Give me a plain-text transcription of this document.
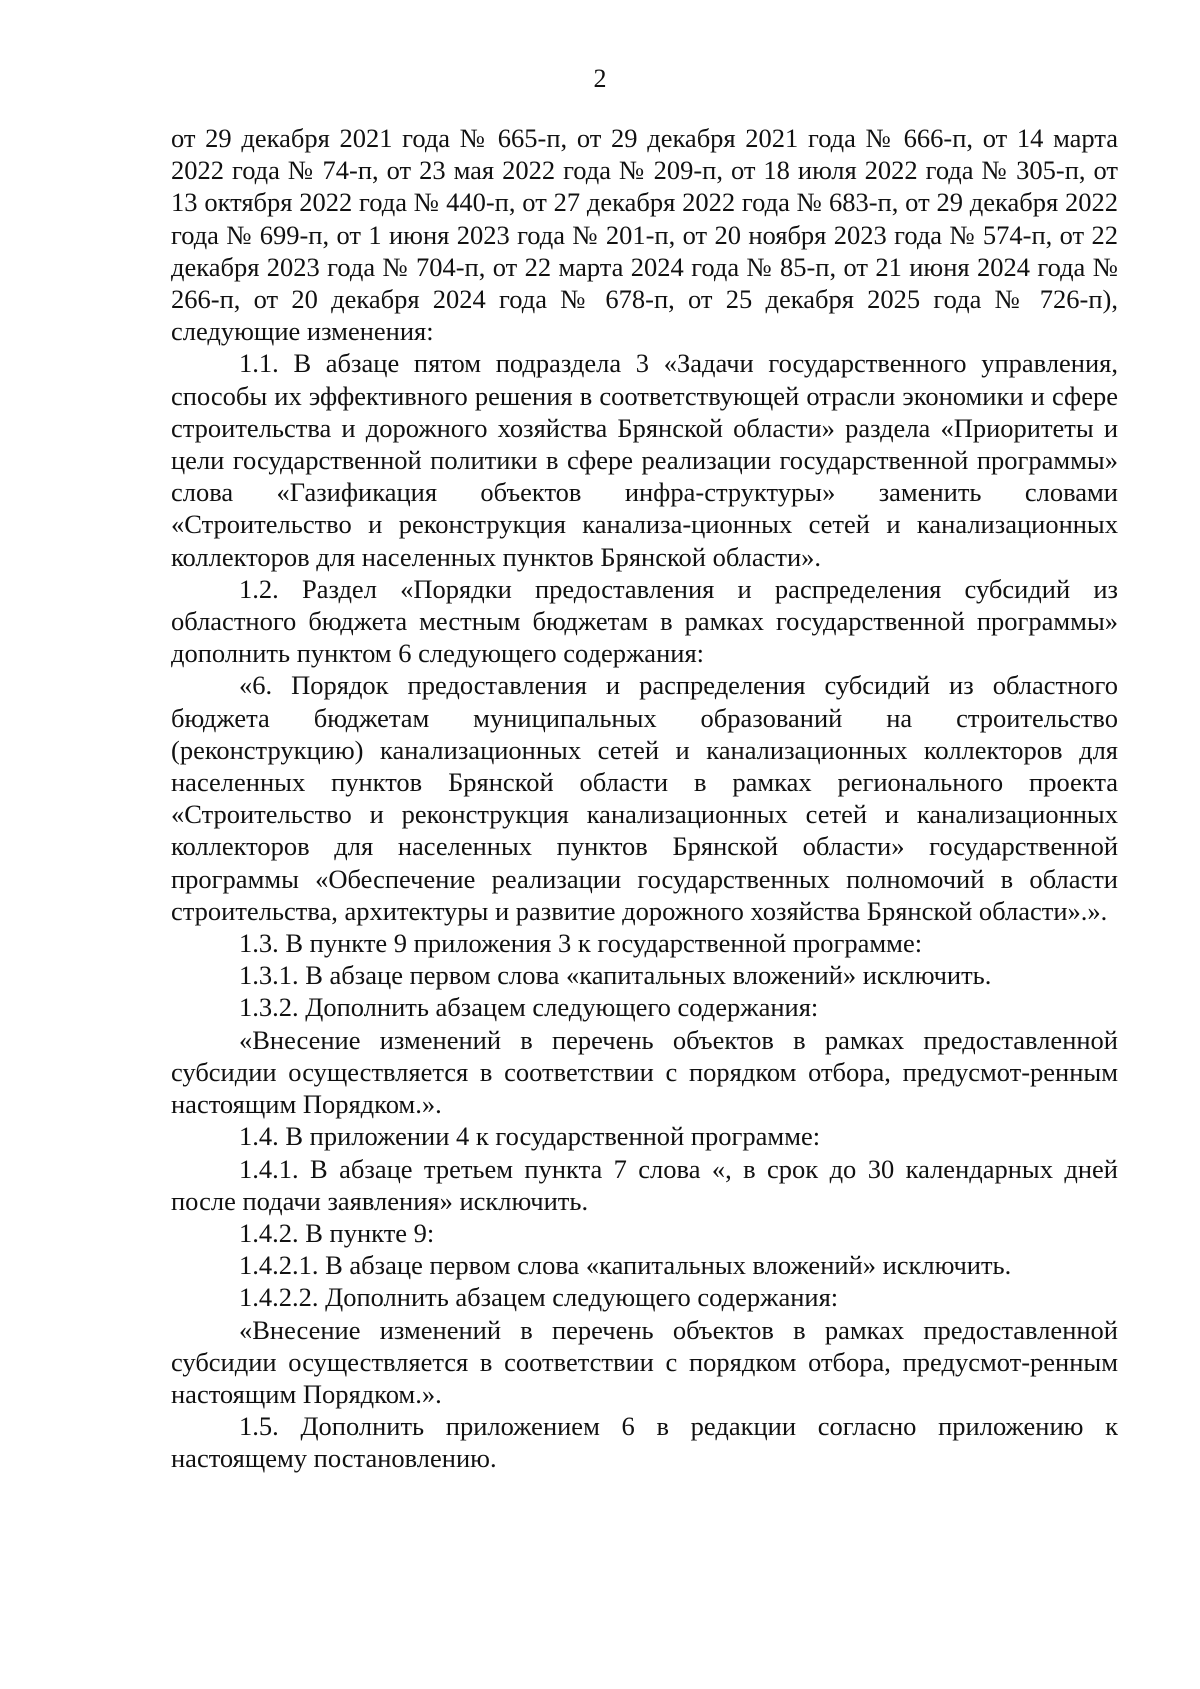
2

от 29 декабря 2021 года № 665-п, от 29 декабря 2021 года № 666-п, от 14 марта 2022 года № 74-п, от 23 мая 2022 года № 209-п, от 18 июля 2022 года № 305-п, от 13 октября 2022 года № 440-п, от 27 декабря 2022 года № 683-п, от 29 декабря 2022 года № 699-п, от 1 июня 2023 года № 201-п, от 20 ноября 2023 года № 574-п, от 22 декабря 2023 года № 704-п, от 22 марта 2024 года № 85-п, от 21 июня 2024 года № 266-п, от 20 декабря 2024 года № 678-п, от 25 декабря 2025 года № 726-п), следующие изменения:

1.1. В абзаце пятом подраздела 3 «Задачи государственного управления, способы их эффективного решения в соответствующей отрасли экономики и сфере строительства и дорожного хозяйства Брянской области» раздела «Приоритеты и цели государственной политики в сфере реализации государственной программы» слова «Газификация объектов инфра-структуры» заменить словами «Строительство и реконструкция канализа-ционных сетей и канализационных коллекторов для населенных пунктов Брянской области».

1.2. Раздел «Порядки предоставления и распределения субсидий из областного бюджета местным бюджетам в рамках государственной программы» дополнить пунктом 6 следующего содержания:

«6. Порядок предоставления и распределения субсидий из областного бюджета бюджетам муниципальных образований на строительство (реконструкцию) канализационных сетей и канализационных коллекторов для населенных пунктов Брянской области в рамках регионального проекта «Строительство и реконструкция канализационных сетей и канализационных коллекторов для населенных пунктов Брянской области» государственной программы «Обеспечение реализации государственных полномочий в области строительства, архитектуры и развитие дорожного хозяйства Брянской области».».

1.3. В пункте 9 приложения 3 к государственной программе:

1.3.1. В абзаце первом слова «капитальных вложений» исключить.

1.3.2. Дополнить абзацем следующего содержания:

«Внесение изменений в перечень объектов в рамках предоставленной субсидии осуществляется в соответствии с порядком отбора, предусмот-ренным настоящим Порядком.».

1.4. В приложении 4 к государственной программе:

1.4.1. В абзаце третьем пункта 7 слова «, в срок до 30 календарных дней после подачи заявления» исключить.

1.4.2. В пункте 9:

1.4.2.1. В абзаце первом слова «капитальных вложений» исключить.

1.4.2.2. Дополнить абзацем следующего содержания:

«Внесение изменений в перечень объектов в рамках предоставленной субсидии осуществляется в соответствии с порядком отбора, предусмот-ренным настоящим Порядком.».

1.5. Дополнить приложением 6 в редакции согласно приложению к настоящему постановлению.
